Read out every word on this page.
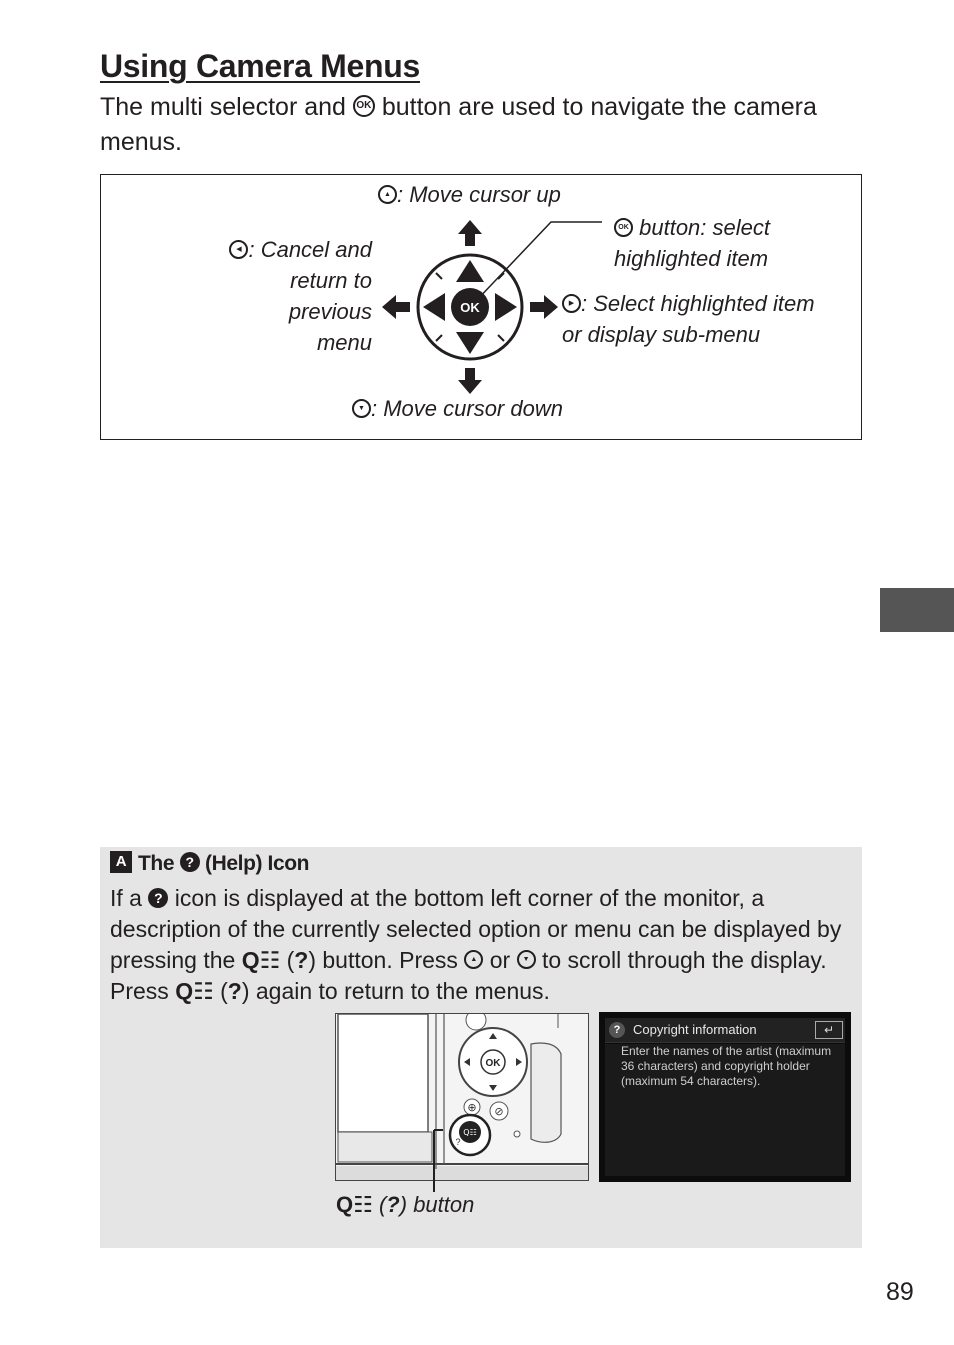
Using Camera Menus
The multi selector and OK button are used to navigate the camera menus.
OK
▲ : Move cursor up
OK button: select
highlighted item
◀ : Cancel and
return to
previous
menu
▶ : Select highlighted item
or display sub-menu
▼ : Move cursor down
A The ? (Help) Icon
If a ? icon is displayed at the bottom left corner of the monitor, a description of the currently selected option or menu can be displayed by pressing the Q☷ (?) button. Press ▲ or ▼ to scroll through the display. Press Q☷ (?) again to return to the menus.
OK
⊕ ⊘
Q☷
?
? Copyright information	↵
Enter the names of the artist (maximum 36 characters) and copyright holder (maximum 54 characters).
Q☷ (?) button
89
